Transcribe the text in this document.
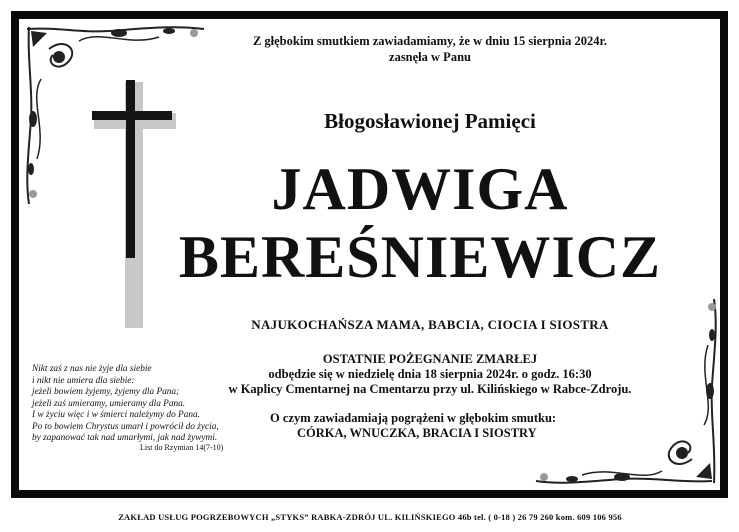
Z głębokim smutkiem zawiadamiamy, że w dniu 15 sierpnia 2024r.
zasnęła w Panu
Błogosławionej Pamięci
JADWIGA
BEREŚNIEWICZ
NAJUKOCHAŃSZA MAMA, BABCIA, CIOCIA I SIOSTRA
OSTATNIE POŻEGNANIE ZMARŁEJ
odbędzie się w niedzielę dnia 18 sierpnia 2024r. o godz. 16:30
w Kaplicy Cmentarnej na Cmentarzu przy ul. Kilińskiego w Rabce-Zdroju.
O czym zawiadamiają pogrążeni w głębokim smutku:
CÓRKA, WNUCZKA, BRACIA I SIOSTRY
Nikt zaś z nas nie żyje dla siebie
i nikt nie umiera dla siebie:
jeżeli bowiem żyjemy, żyjemy dla Pana;
jeżeli zaś umieramy, umieramy dla Pana.
I w życiu więc i w śmierci należymy do Pana.
Po to bowiem Chrystus umarł i powrócił do życia,
by zapanować tak nad umarłymi, jak nad żywymi.
List do Rzymian 14(7-10)
ZAKŁAD USŁUG POGRZEBOWYCH „STYKS” RABKA-ZDRÓJ UL. KILIŃSKIEGO 46b tel. ( 0-18 ) 26 79 260 kom. 609 106 956
